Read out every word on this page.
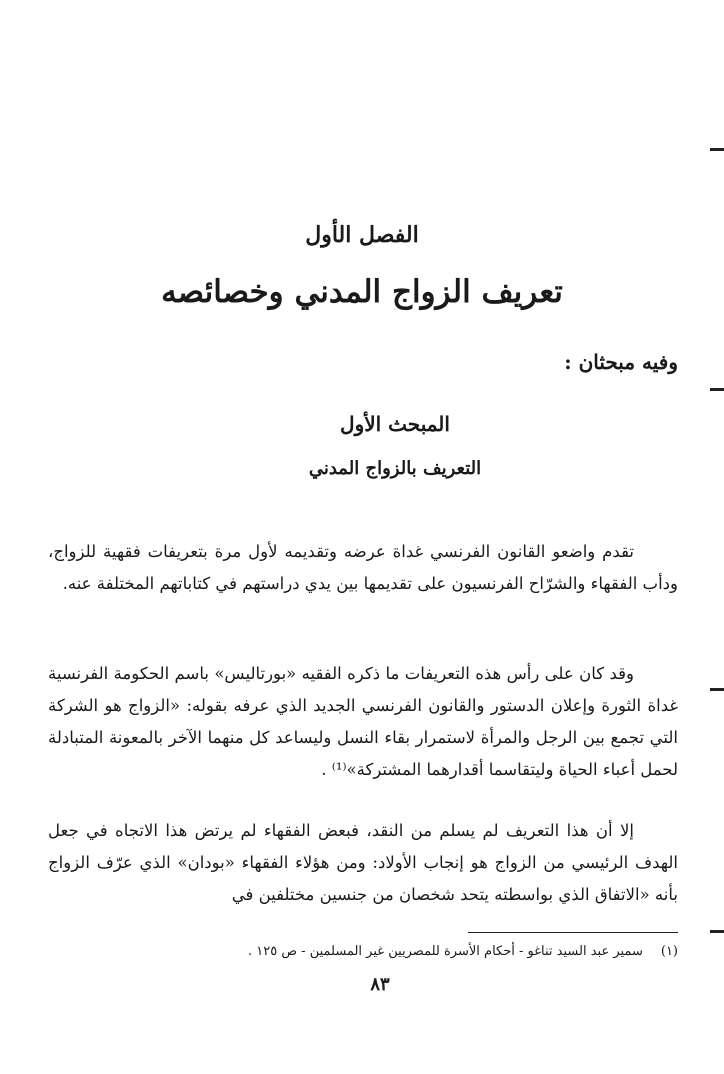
الفصل الأول
تعريف الزواج المدني وخصائصه
وفيه مبحثان :
المبحث الأول
التعريف بالزواج المدني

تقدم واضعو القانون الفرنسي غداة عرضه وتقديمه لأول مرة بتعريفات فقهية للزواج، ودأب الفقهاء والشرّاح الفرنسيون على تقديمها بين يدي دراستهم في كتاباتهم المختلفة عنه.

وقد كان على رأس هذه التعريفات ما ذكره الفقيه «بورتاليس» باسم الحكومة الفرنسية غداة الثورة وإعلان الدستور والقانون الفرنسي الجديد الذي عرفه بقوله: «الزواج هو الشركة التي تجمع بين الرجل والمرأة لاستمرار بقاء النسل وليساعد كل منهما الآخر بالمعونة المتبادلة لحمل أعباء الحياة وليتقاسما أقدارهما المشتركة»⁽¹⁾ .

إلا أن هذا التعريف لم يسلم من النقد، فبعض الفقهاء لم يرتض هذا الاتجاه في جعل الهدف الرئيسي من الزواج هو إنجاب الأولاد: ومن هؤلاء الفقهاء «بودان» الذي عرّف الزواج بأنه «الاتفاق الذي بواسطته يتحد شخصان من جنسين مختلفين في

(١)سمير عبد السيد تناغو - أحكام الأسرة للمصريين غير المسلمين - ص ١٢٥ .
٨٣
